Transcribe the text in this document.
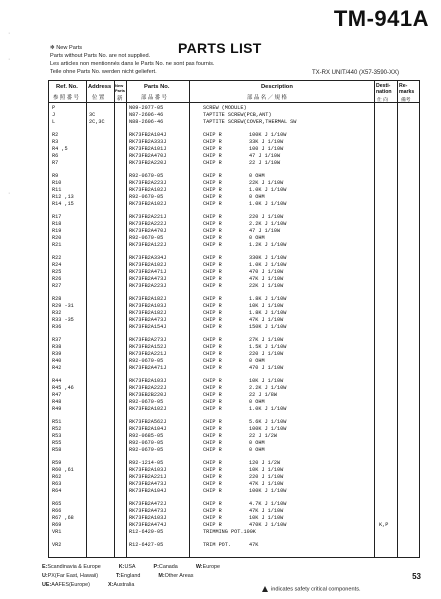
·
·
·
TM-941A
✻ New Parts
Parts without Parts No. are not supplied.
Les articles non mentionnés dans le Parts No. ne sont pas fournis.
Teile ohne Parts No. werden nicht geliefert.
PARTS LIST
TX-RX UNIT/440 (X57-3590-XX)
Ref. No.
参 照 番 号
Address
位 置
New Parts
新
Parts No.
部 品 番 号
Description
部 品 名 ／ 規 格
Desti- nation
仕 向
Re- marks
備考
P	N09-2077-05	SCREW (MODULE)
J	3C	N87-2606-46	TAPTITE SCREW(PCB,ANT)
L	2C,3C	N88-2606-46	TAPTITE SCREW(COVER,THERMAL SW
R2	RK73FB2A104J	CHIP R	100K J 1/10W
R3	RK73FB2A333J	CHIP R	33K J 1/10W
R4 ,5	RK73FB2A101J	CHIP R	100 J 1/10W
R6	RK73FB2A470J	CHIP R	47 J 1/10W
R7	RK73FB2A220J	CHIP R	22 J 1/10W
R9	R92-0670-05	CHIP R	0 OHM
R10	RK73FB2A223J	CHIP R	22K J 1/10W
R11	RK73FB2A102J	CHIP R	1.0K J 1/10W
R12 ,13	R92-0670-05	CHIP R	0 OHM
R14 ,15	RK73FB2A102J	CHIP R	1.0K J 1/10W
R17	RK73FB2A221J	CHIP R	220 J 1/10W
R18	RK73FB2A222J	CHIP R	2.2K J 1/10W
R19	RK73FB2A470J	CHIP R	47 J 1/10W
R20	R92-0670-05	CHIP R	0 OHM
R21	RK73FB2A122J	CHIP R	1.2K J 1/10W
R22	RK73FB2A334J	CHIP R	330K J 1/10W
R24	RK73FB2A102J	CHIP R	1.0K J 1/10W
R25	RK73FB2A471J	CHIP R	470 J 1/10W
R26	RK73FB2A473J	CHIP R	47K J 1/10W
R27	RK73FB2A223J	CHIP R	22K J 1/10W
R28	RK73FB2A182J	CHIP R	1.8K J 1/10W
R29 -31	RK73FB2A103J	CHIP R	10K J 1/10W
R32	RK73FB2A182J	CHIP R	1.8K J 1/10W
R33 -35	RK73FB2A473J	CHIP R	47K J 1/10W
R36	RK73FB2A154J	CHIP R	150K J 1/10W
R37	RK73FB2A273J	CHIP R	27K J 1/10W
R38	RK73FB2A152J	CHIP R	1.5K J 1/10W
R39	RK73FB2A221J	CHIP R	220 J 1/10W
R40	R92-0670-05	CHIP R	0 OHM
R42	RK73FB2A471J	CHIP R	470 J 1/10W
R44	RK73FB2A103J	CHIP R	10K J 1/10W
R45 ,46	RK73FB2A222J	CHIP R	2.2K J 1/10W
R47	RK73EB2B220J	CHIP R	22 J 1/8W
R48	R92-0670-05	CHIP R	0 OHM
R49	RK73FB2A102J	CHIP R	1.0K J 1/10W
R51	RK73FB2A562J	CHIP R	5.6K J 1/10W
R52	RK73FB2A104J	CHIP R	100K J 1/10W
R53	R92-0685-05	CHIP R	22 J 1/2W
R55	R92-0670-05	CHIP R	0 OHM
R58	R92-0679-05	CHIP R	0 OHM
R59	R92-1214-05	CHIP R	120 J 1/2W
R60 ,61	RK73FB2A103J	CHIP R	10K J 1/10W
R62	RK73FB2A221J	CHIP R	220 J 1/10W
R63	RK73FB2A473J	CHIP R	47K J 1/10W
R64	RK73FB2A104J	CHIP R	100K J 1/10W
R65	RK73FB2A472J	CHIP R	4.7K J 1/10W
R66	RK73FB2A473J	CHIP R	47K J 1/10W
R67 ,68	RK73FB2A103J	CHIP R	10K J 1/10W
R69	RK73FB2A474J	CHIP R	470K J 1/10W	K,P
VR1	R12-6429-05	TRIMMING POT.100K
VR2	R12-6427-05	TRIM POT.	47K
E:Scandinavia & Europe	K:USA	P:Canada	W:Europe
U:PX(Far East, Hawaii)	T:England	M:Other Areas
UE:AAFES(Europe)	X:Australia
indicates safety critical components.
53
